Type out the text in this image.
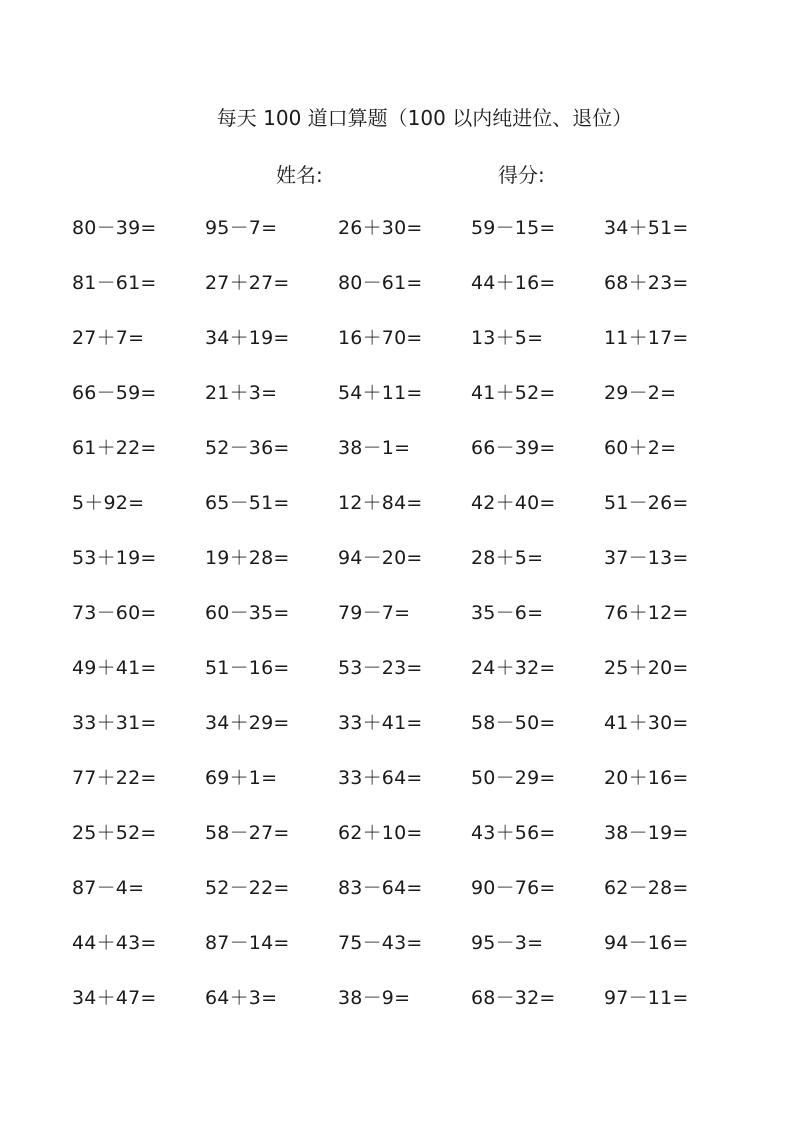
每天 100 道口算题（100 以内纯进位、退位）
姓名:	得分:
80－39=	95－7=	26＋30=	59－15=	34＋51=
81－61=	27＋27=	80－61=	44＋16=	68＋23=
27＋7=	34＋19=	16＋70=	13＋5=	11＋17=
66－59=	21＋3=	54＋11=	41＋52=	29－2=
61＋22=	52－36=	38－1=	66－39=	60＋2=
5＋92=	65－51=	12＋84=	42＋40=	51－26=
53＋19=	19＋28=	94－20=	28＋5=	37－13=
73－60=	60－35=	79－7=	35－6=	76＋12=
49＋41=	51－16=	53－23=	24＋32=	25＋20=
33＋31=	34＋29=	33＋41=	58－50=	41＋30=
77＋22=	69＋1=	33＋64=	50－29=	20＋16=
25＋52=	58－27=	62＋10=	43＋56=	38－19=
87－4=	52－22=	83－64=	90－76=	62－28=
44＋43=	87－14=	75－43=	95－3=	94－16=
34＋47=	64＋3=	38－9=	68－32=	97－11=
